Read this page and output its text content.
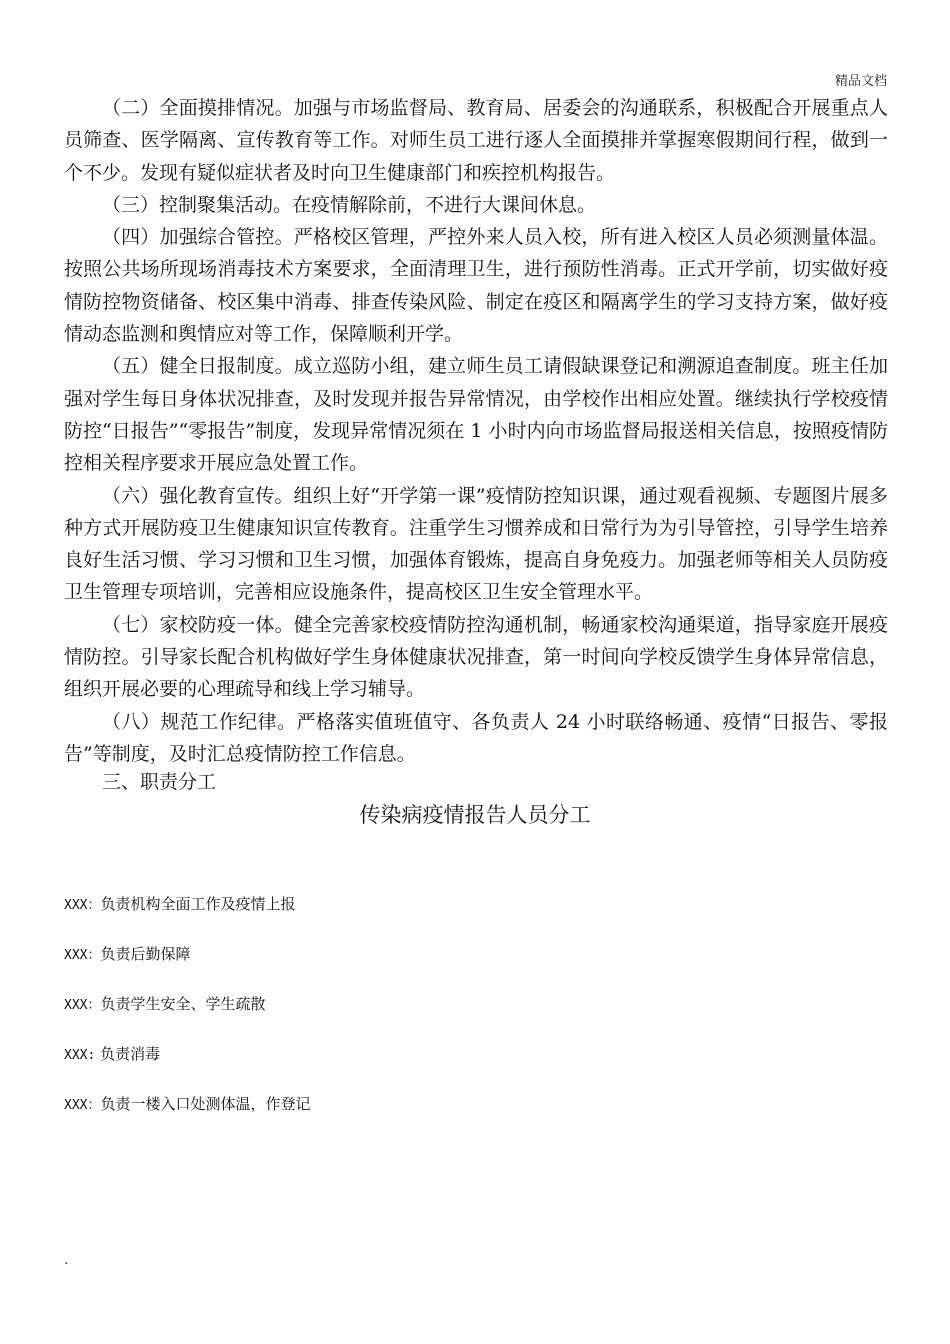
精品文档

（二）全面摸排情况。加强与市场监督局、教育局、居委会的沟通联系，积极配合开展重点人员筛查、医学隔离、宣传教育等工作。对师生员工进行逐人全面摸排并掌握寒假期间行程，做到一个不少。发现有疑似症状者及时向卫生健康部门和疾控机构报告。

（三）控制聚集活动。在疫情解除前，不进行大课间休息。

（四）加强综合管控。严格校区管理，严控外来人员入校，所有进入校区人员必须测量体温。按照公共场所现场消毒技术方案要求，全面清理卫生，进行预防性消毒。正式开学前，切实做好疫情防控物资储备、校区集中消毒、排查传染风险、制定在疫区和隔离学生的学习支持方案，做好疫情动态监测和舆情应对等工作，保障顺利开学。

（五）健全日报制度。成立巡防小组，建立师生员工请假缺课登记和溯源追查制度。班主任加强对学生每日身体状况排查，及时发现并报告异常情况，由学校作出相应处置。继续执行学校疫情防控“日报告”“零报告”制度，发现异常情况须在 1 小时内向市场监督局报送相关信息，按照疫情防控相关程序要求开展应急处置工作。

（六）强化教育宣传。组织上好“开学第一课”疫情防控知识课，通过观看视频、专题图片展多种方式开展防疫卫生健康知识宣传教育。注重学生习惯养成和日常行为为引导管控，引导学生培养良好生活习惯、学习习惯和卫生习惯，加强体育锻炼，提高自身免疫力。加强老师等相关人员防疫卫生管理专项培训，完善相应设施条件，提高校区卫生安全管理水平。

（七）家校防疫一体。健全完善家校疫情防控沟通机制，畅通家校沟通渠道，指导家庭开展疫情防控。引导家长配合机构做好学生身体健康状况排查，第一时间向学校反馈学生身体异常信息，组织开展必要的心理疏导和线上学习辅导。

（八）规范工作纪律。严格落实值班值守、各负责人 24 小时联络畅通、疫情“日报告、零报告”等制度，及时汇总疫情防控工作信息。

三、职责分工
传染病疫情报告人员分工
XXX：负责机构全面工作及疫情上报
XXX：负责后勤保障
XXX：负责学生安全、学生疏散
XXX: 负责消毒
XXX：负责一楼入口处测体温，作登记
.
